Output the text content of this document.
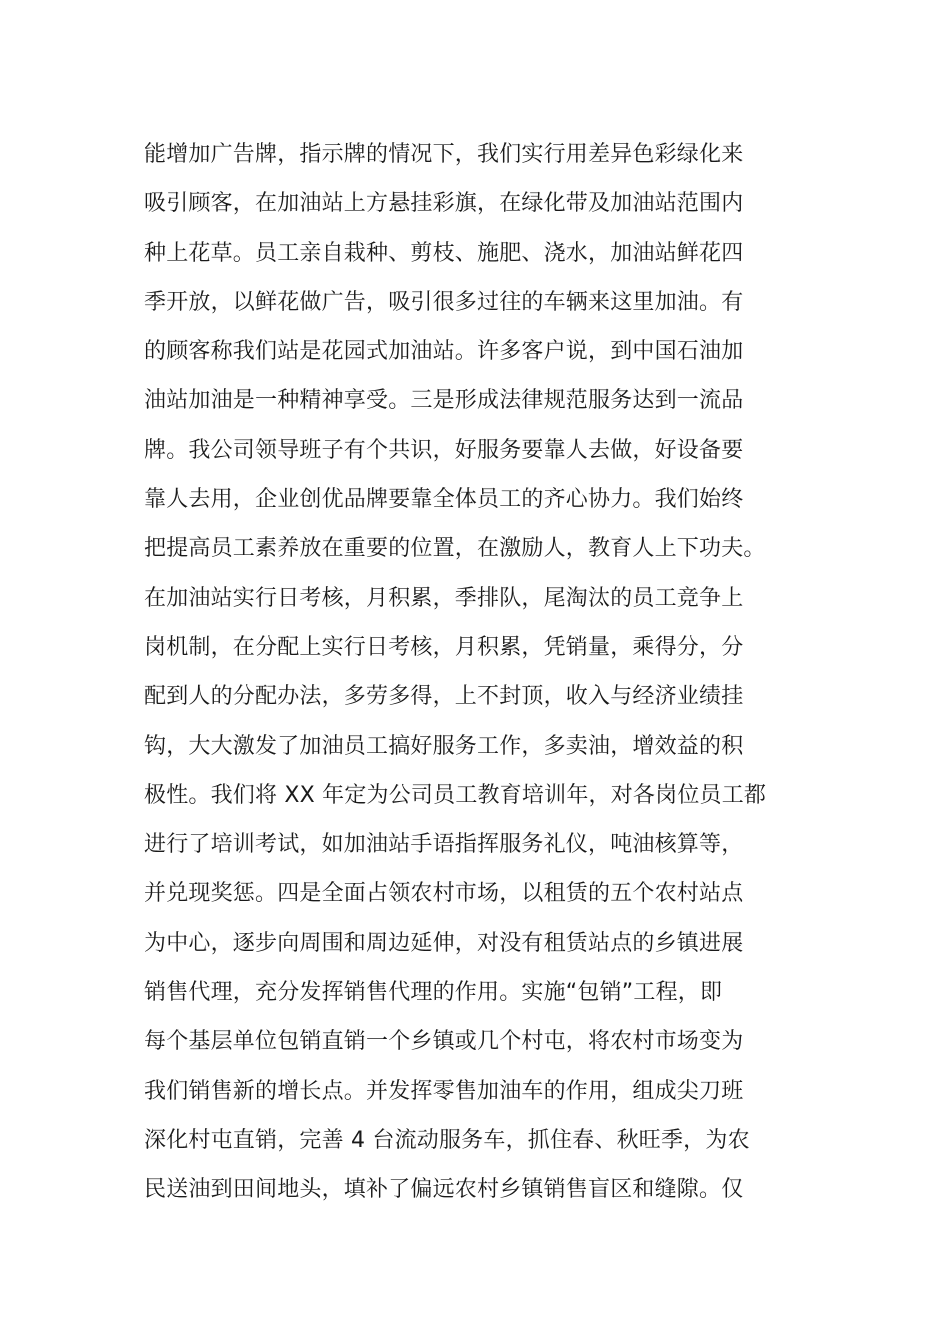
能增加广告牌，指示牌的情况下，我们实行用差异色彩绿化来
吸引顾客，在加油站上方悬挂彩旗，在绿化带及加油站范围内
种上花草。员工亲自栽种、剪枝、施肥、浇水，加油站鲜花四
季开放，以鲜花做广告，吸引很多过往的车辆来这里加油。有
的顾客称我们站是花园式加油站。许多客户说，到中国石油加
油站加油是一种精神享受。三是形成法律规范服务达到一流品
牌。我公司领导班子有个共识，好服务要靠人去做，好设备要
靠人去用，企业创优品牌要靠全体员工的齐心协力。我们始终
把提高员工素养放在重要的位置，在激励人，教育人上下功夫。
在加油站实行日考核，月积累，季排队，尾淘汰的员工竞争上
岗机制，在分配上实行日考核，月积累，凭销量，乘得分，分
配到人的分配办法，多劳多得，上不封顶，收入与经济业绩挂
钩，大大激发了加油员工搞好服务工作，多卖油，增效益的积
极性。我们将 XX 年定为公司员工教育培训年，对各岗位员工都
进行了培训考试，如加油站手语指挥服务礼仪，吨油核算等，
并兑现奖惩。四是全面占领农村市场，以租赁的五个农村站点
为中心，逐步向周围和周边延伸，对没有租赁站点的乡镇进展
销售代理，充分发挥销售代理的作用。实施“包销”工程，即
每个基层单位包销直销一个乡镇或几个村屯，将农村市场变为
我们销售新的增长点。并发挥零售加油车的作用，组成尖刀班
深化村屯直销，完善 4 台流动服务车，抓住春、秋旺季，为农
民送油到田间地头，填补了偏远农村乡镇销售盲区和缝隙。仅
